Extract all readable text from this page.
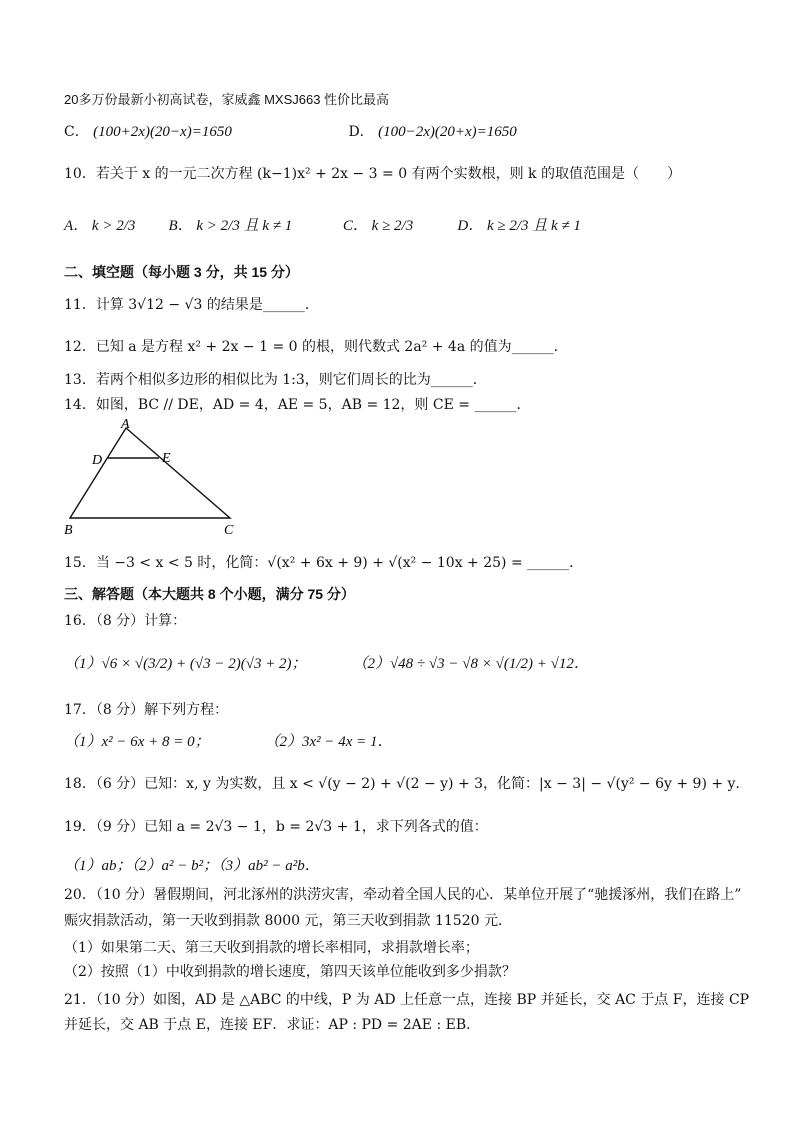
20多万份最新小初高试卷，家威鑫 MXSJ663 性价比最高
C． (100+2x)(20−x)=1650	D． (100−2x)(20+x)=1650
10．若关于 x 的一元二次方程 (k−1)x² + 2x − 3 = 0 有两个实数根，则 k 的取值范围是（　　）
A． k > 2/3 B． k > 2/3 且 k ≠ 1	C． k ≥ 2/3	D． k ≥ 2/3 且 k ≠ 1
二、填空题（每小题 3 分，共 15 分）
11．计算 3√12 − √3 的结果是______．
12．已知 a 是方程 x² + 2x − 1 = 0 的根，则代数式 2a² + 4a 的值为______．
13．若两个相似多边形的相似比为 1:3，则它们周长的比为______．
14．如图，BC // DE，AD = 4，AE = 5，AB = 12，则 CE = ______．
A
D	E
B	C
15．当 −3 < x < 5 时，化简：√(x² + 6x + 9) + √(x² − 10x + 25) = ______．
三、解答题（本大题共 8 个小题，满分 75 分）
16．（8 分）计算：
（1）√6 × √(3/2) + (√3 − 2)(√3 + 2)；	（2）√48 ÷ √3 − √8 × √(1/2) + √12．
17．（8 分）解下列方程：
（1）x² − 6x + 8 = 0；	（2）3x² − 4x = 1．
18．（6 分）已知：x, y 为实数，且 x < √(y − 2) + √(2 − y) + 3，化简：|x − 3| − √(y² − 6y + 9) + y．
19．（9 分）已知 a = 2√3 − 1，b = 2√3 + 1，求下列各式的值：
（1）ab；（2）a² − b²；（3）ab² − a²b．
20．（10 分）暑假期间，河北涿州的洪涝灾害，牵动着全国人民的心．某单位开展了“驰援涿州，我们在路上”
赈灾捐款活动，第一天收到捐款 8000 元，第三天收到捐款 11520 元．
（1）如果第二天、第三天收到捐款的增长率相同，求捐款增长率；
（2）按照（1）中收到捐款的增长速度，第四天该单位能收到多少捐款？
21．（10 分）如图，AD 是 △ABC 的中线，P 为 AD 上任意一点，连接 BP 并延长，交 AC 于点 F，连接 CP
并延长，交 AB 于点 E，连接 EF．求证：AP : PD = 2AE : EB．
